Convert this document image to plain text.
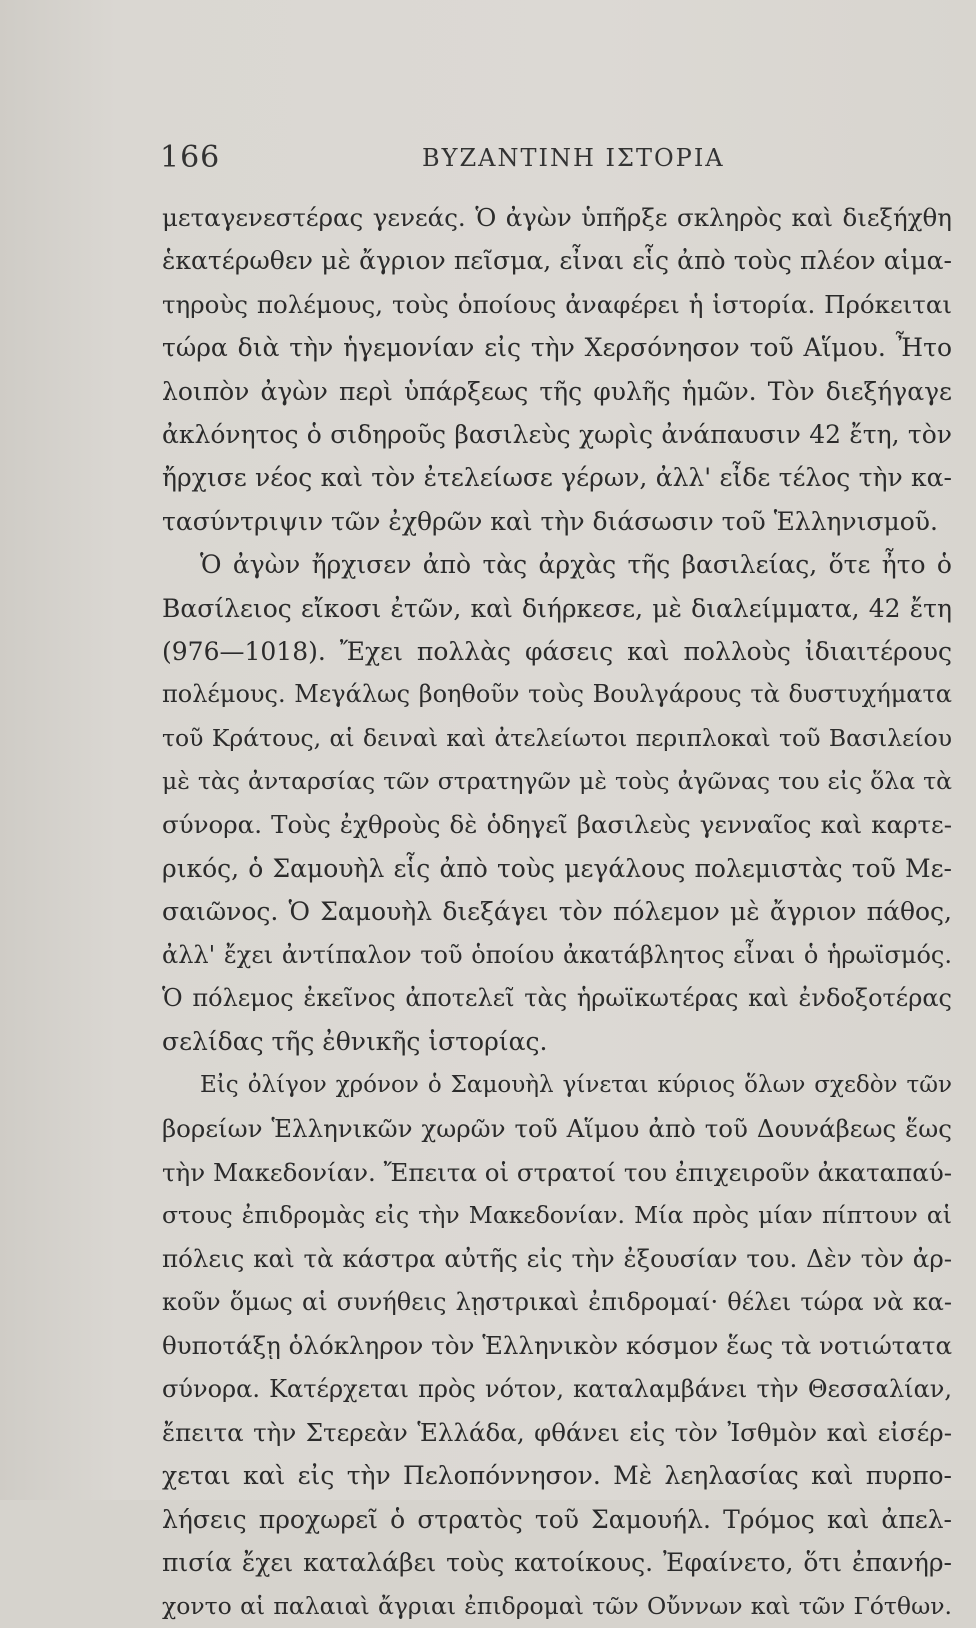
166	ΒΥΖΑΝΤΙΝΗ ΙΣΤΟΡΙΑ
μεταγενεστέρας γενεάς. Ὁ ἀγὼν ὑπῆρξε σκληρὸς καὶ διεξήχθη
ἑκατέρωθεν μὲ ἄγριον πεῖσμα, εἶναι εἷς ἀπὸ τοὺς πλέον αἱμα-
τηροὺς πολέμους, τοὺς ὁποίους ἀναφέρει ἡ ἱστορία. Πρόκειται
τώρα διὰ τὴν ἡγεμονίαν εἰς τὴν Χερσόνησον τοῦ Αἵμου. Ἦτο
λοιπὸν ἀγὼν περὶ ὑπάρξεως τῆς φυλῆς ἡμῶν. Τὸν διεξήγαγε
ἀκλόνητος ὁ σιδηροῦς βασιλεὺς χωρὶς ἀνάπαυσιν 42 ἔτη, τὸν
ἤρχισε νέος καὶ τὸν ἐτελείωσε γέρων, ἀλλ' εἶδε τέλος τὴν κα-
τασύντριψιν τῶν ἐχθρῶν καὶ τὴν διάσωσιν τοῦ Ἑλληνισμοῦ.
Ὁ ἀγὼν ἤρχισεν ἀπὸ τὰς ἀρχὰς τῆς βασιλείας, ὅτε ἦτο ὁ
Βασίλειος εἴκοσι ἐτῶν, καὶ διήρκεσε, μὲ διαλείμματα, 42 ἔτη
(976—1018). Ἔχει πολλὰς φάσεις καὶ πολλοὺς ἰδιαιτέρους
πολέμους. Μεγάλως βοηθοῦν τοὺς Βουλγάρους τὰ δυστυχήματα
τοῦ Κράτους, αἱ δειναὶ καὶ ἀτελείωτοι περιπλοκαὶ τοῦ Βασιλείου
μὲ τὰς ἀνταρσίας τῶν στρατηγῶν μὲ τοὺς ἀγῶνας του εἰς ὅλα τὰ
σύνορα. Τοὺς ἐχθροὺς δὲ ὁδηγεῖ βασιλεὺς γενναῖος καὶ καρτε-
ρικός, ὁ Σαμουὴλ εἷς ἀπὸ τοὺς μεγάλους πολεμιστὰς τοῦ Με-
σαιῶνος. Ὁ Σαμουὴλ διεξάγει τὸν πόλεμον μὲ ἄγριον πάθος,
ἀλλ' ἔχει ἀντίπαλον τοῦ ὁποίου ἀκατάβλητος εἶναι ὁ ἡρωϊσμός.
Ὁ πόλεμος ἐκεῖνος ἀποτελεῖ τὰς ἡρωϊκωτέρας καὶ ἐνδοξοτέρας
σελίδας τῆς ἐθνικῆς ἱστορίας.
Εἰς ὀλίγον χρόνον ὁ Σαμουὴλ γίνεται κύριος ὅλων σχεδὸν τῶν
βορείων Ἑλληνικῶν χωρῶν τοῦ Αἵμου ἀπὸ τοῦ Δουνάβεως ἕως
τὴν Μακεδονίαν. Ἔπειτα οἱ στρατοί του ἐπιχειροῦν ἀκαταπαύ-
στους ἐπιδρομὰς εἰς τὴν Μακεδονίαν. Μία πρὸς μίαν πίπτουν αἱ
πόλεις καὶ τὰ κάστρα αὐτῆς εἰς τὴν ἐξουσίαν του. Δὲν τὸν ἀρ-
κοῦν ὅμως αἱ συνήθεις λῃστρικαὶ ἐπιδρομαί· θέλει τώρα νὰ κα-
θυποτάξῃ ὁλόκληρον τὸν Ἑλληνικὸν κόσμον ἕως τὰ νοτιώτατα
σύνορα. Κατέρχεται πρὸς νότον, καταλαμβάνει τὴν Θεσσαλίαν,
ἔπειτα τὴν Στερεὰν Ἑλλάδα, φθάνει εἰς τὸν Ἰσθμὸν καὶ εἰσέρ-
χεται καὶ εἰς τὴν Πελοπόννησον. Μὲ λεηλασίας καὶ πυρπο-
λήσεις προχωρεῖ ὁ στρατὸς τοῦ Σαμουήλ. Τρόμος καὶ ἀπελ-
πισία ἔχει καταλάβει τοὺς κατοίκους. Ἐφαίνετο, ὅτι ἐπανήρ-
χοντο αἱ παλαιαὶ ἄγριαι ἐπιδρομαὶ τῶν Οὔννων καὶ τῶν Γότθων.
